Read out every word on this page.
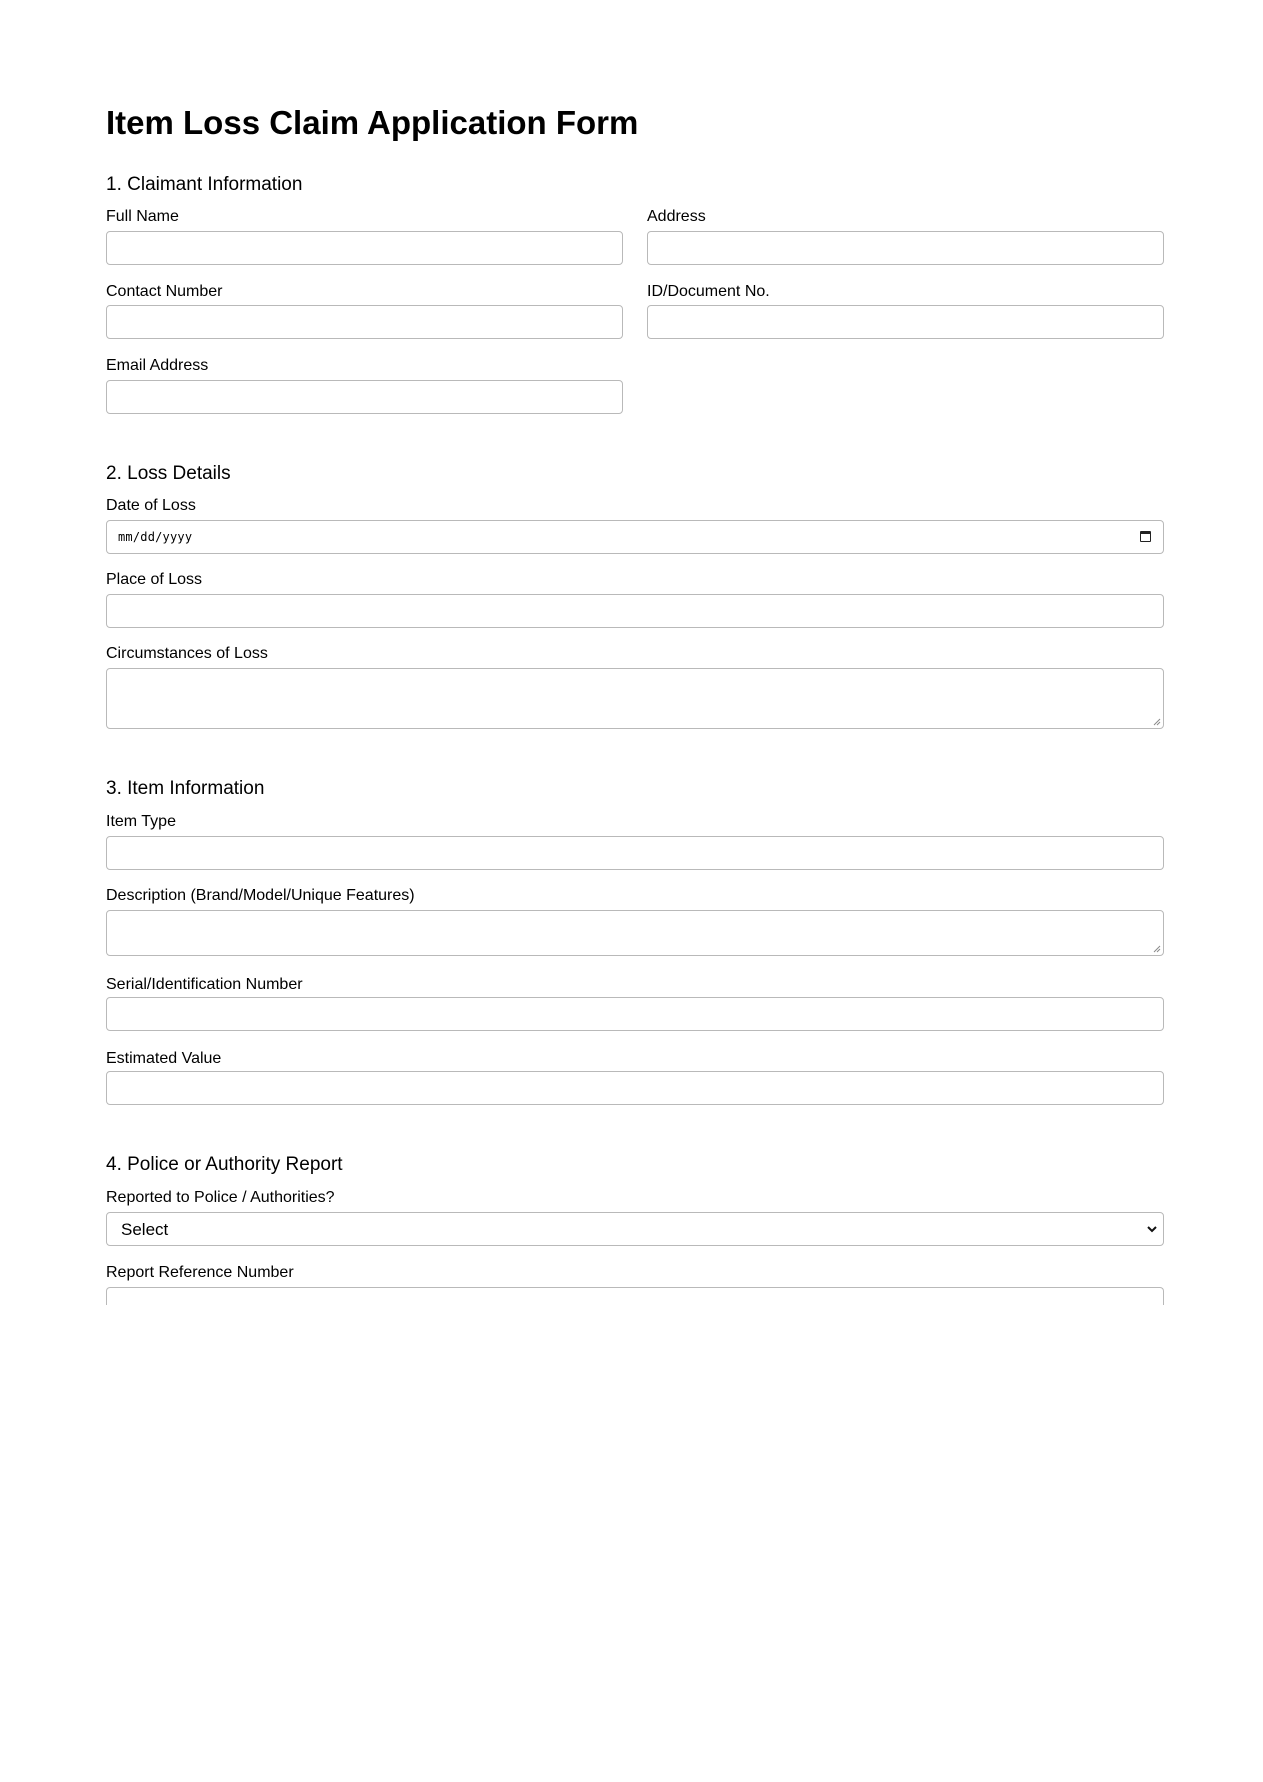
Item Loss Claim Application Form
1. Claimant Information
Full Name	Address
Contact Number	ID/Document No.
Email Address
2. Loss Details
Date of Loss
mm/dd/yyyy
Place of Loss
Circumstances of Loss
3. Item Information
Item Type
Description (Brand/Model/Unique Features)
Serial/Identification Number
Estimated Value
4. Police or Authority Report
Reported to Police / Authorities?
Select
Report Reference Number
